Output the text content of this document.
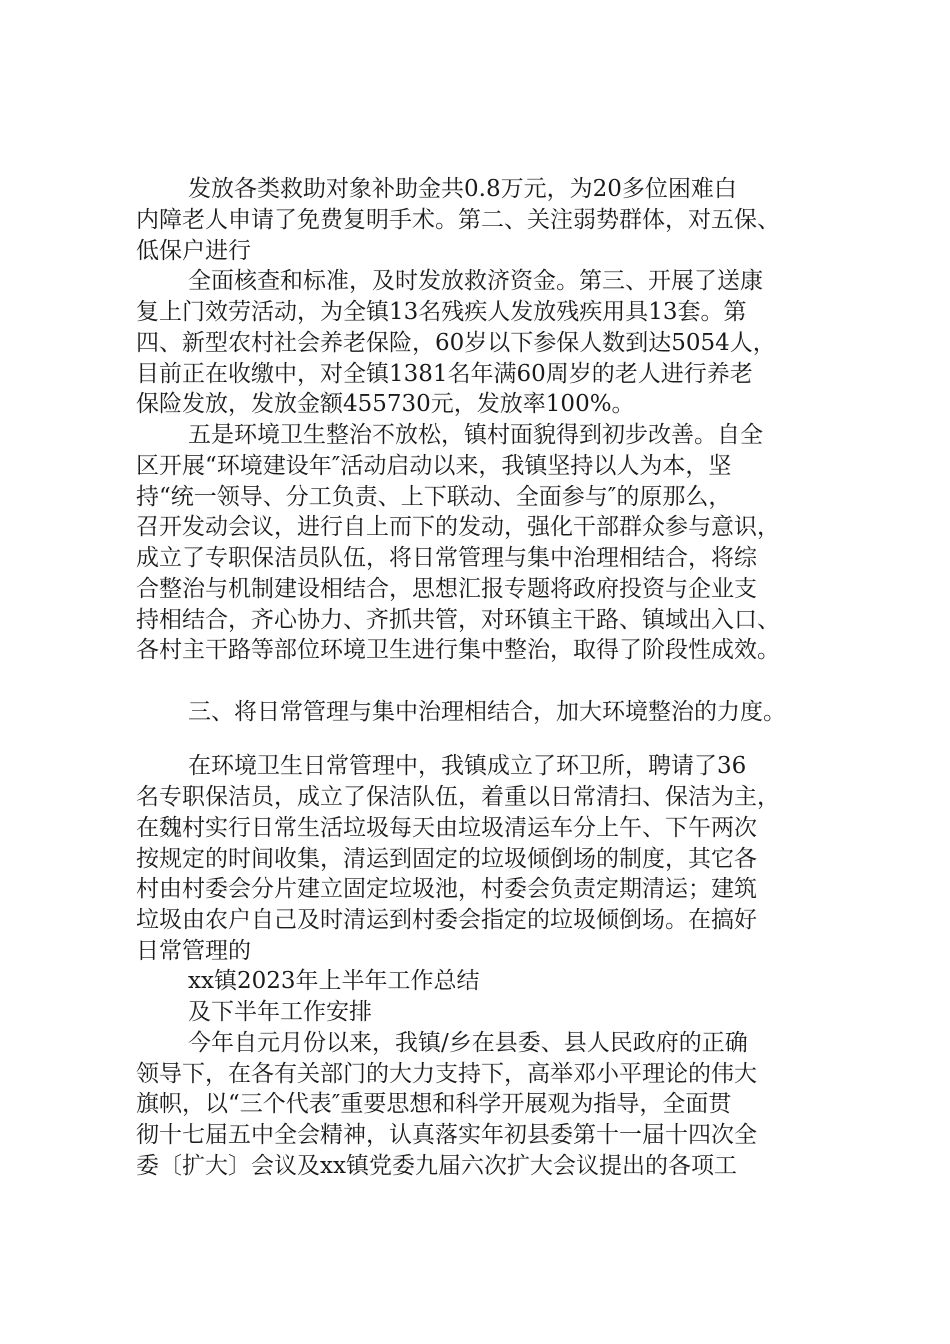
发放各类救助对象补助金共0.8万元，为20多位困难白
内障老人申请了免费复明手术。第二、关注弱势群体，对五保、
低保户进行
全面核查和标准，及时发放救济资金。第三、开展了送康
复上门效劳活动，为全镇13名残疾人发放残疾用具13套。第
四、新型农村社会养老保险，60岁以下参保人数到达5054人，
目前正在收缴中，对全镇1381名年满60周岁的老人进行养老
保险发放，发放金额455730元，发放率100%。
五是环境卫生整治不放松，镇村面貌得到初步改善。自全
区开展“环境建设年″活动启动以来，我镇坚持以人为本，坚
持“统一领导、分工负责、上下联动、全面参与″的原那么，
召开发动会议，进行自上而下的发动，强化干部群众参与意识，
成立了专职保洁员队伍，将日常管理与集中治理相结合，将综
合整治与机制建设相结合，思想汇报专题将政府投资与企业支
持相结合，齐心协力、齐抓共管，对环镇主干路、镇域出入口、
各村主干路等部位环境卫生进行集中整治，取得了阶段性成效。
三、将日常管理与集中治理相结合，加大环境整治的力度。
在环境卫生日常管理中，我镇成立了环卫所，聘请了36
名专职保洁员，成立了保洁队伍，着重以日常清扫、保洁为主，
在魏村实行日常生活垃圾每天由垃圾清运车分上午、下午两次
按规定的时间收集，清运到固定的垃圾倾倒场的制度，其它各
村由村委会分片建立固定垃圾池，村委会负责定期清运；建筑
垃圾由农户自己及时清运到村委会指定的垃圾倾倒场。在搞好
日常管理的
xx镇2023年上半年工作总结
及下半年工作安排
今年自元月份以来，我镇/乡在县委、县人民政府的正确
领导下，在各有关部门的大力支持下，高举邓小平理论的伟大
旗帜，以“三个代表″重要思想和科学开展观为指导，全面贯
彻十七届五中全会精神，认真落实年初县委第十一届十四次全
委〔扩大〕会议及xx镇党委九届六次扩大会议提出的各项工
